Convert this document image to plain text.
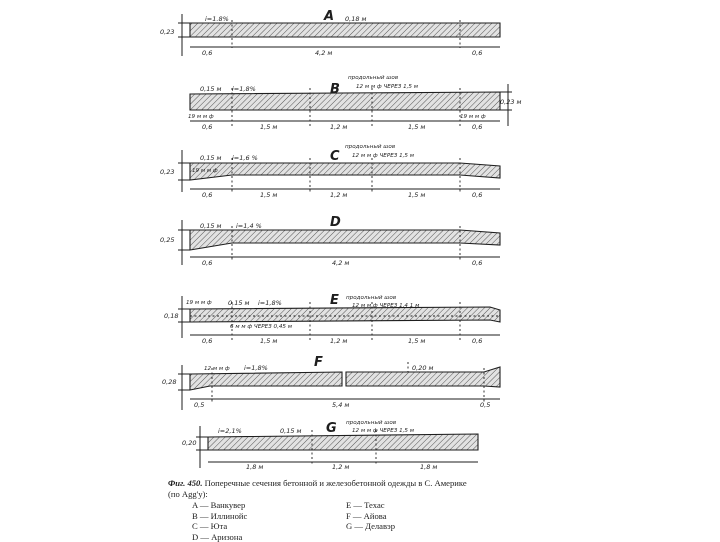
A
i=1.8%
0,23
0,18 м
0,6	4,2 м	0,6
B
0,15 м i=1,8%
продольный шов
12 м м ф ЧЕРЕЗ 1,5 м
0,23 м
19 м м ф	19 м м ф
0,6	1,5 м	1,2 м	1,5 м	0,6
C
0,15 м i=1,6 %
продольный шов
12 м м ф ЧЕРЕЗ 1,5 м
0,23	19 м м ф
0,6	1,5 м	1,2 м	1,5 м	0,6
D
0,15 м i=1,4 %
0,25
0,6	4,2 м	0,6
E
19 м м ф	0,15 м i=1,8%
продольный шов
12 м м ф ЧЕРЕЗ 1,4 1 м
0,18
6 м м ф ЧЕРЕЗ 0,45 м
0,6	1,5 м	1,2 м	1,5 м	0,6
F
12 м м ф i=1,8%	0,20 м
0,28
0,5	5,4 м	0,5
G
i=2,1%	0,15 м
продольный шов
12 м м ф ЧЕРЕЗ 1,5 м
0,20
1,8 м	1,2 м	1,8 м
Фиг. 450. Поперечные сечения бетонной и железобетонной одежды в С. Америке
(по Agg'y):
A — Ванкувер
B — Иллинойс
C — Юта
D — Аризона
E — Техас
F — Айова
G — Делавэр
